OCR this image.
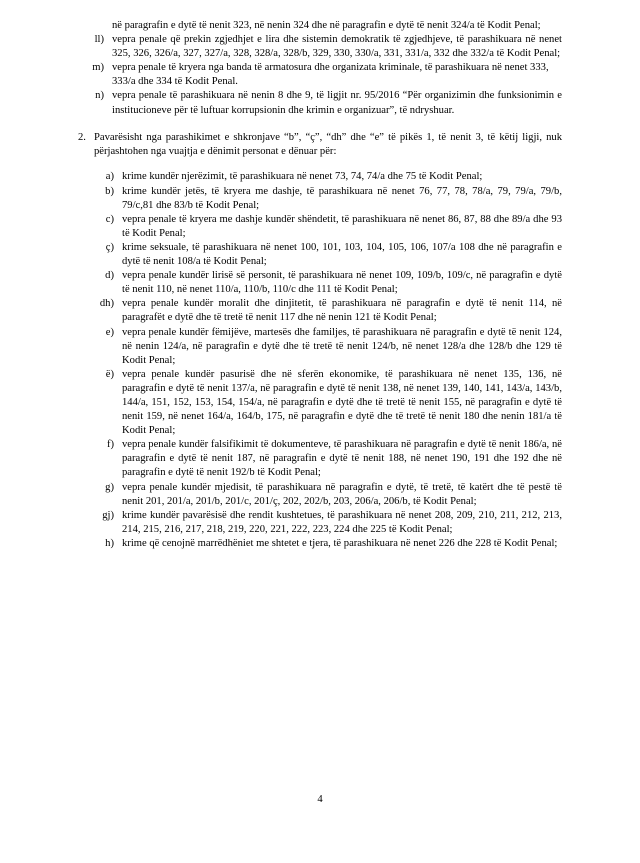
në paragrafin e dytë të nenit 323, në nenin 324 dhe në paragrafin e dytë të nenit 324/a të Kodit Penal;

ll) vepra penale që prekin zgjedhjet e lira dhe sistemin demokratik të zgjedhjeve, të parashikuara në nenet 325, 326, 326/a, 327, 327/a, 328, 328/a, 328/b, 329, 330, 330/a, 331, 331/a, 332 dhe 332/a të Kodit Penal;
m) vepra penale të kryera nga banda të armatosura dhe organizata kriminale, të parashikuara në nenet 333, 333/a dhe 334 të Kodit Penal.
n) vepra penale të parashikuara në nenin 8 dhe 9, të ligjit nr. 95/2016 “Për organizimin dhe funksionimin e institucioneve për të luftuar korrupsionin dhe krimin e organizuar”, të ndryshuar.

2. Pavarësisht nga parashikimet e shkronjave “b”, “ç”, “dh” dhe “e” të pikës 1, të nenit 3, të këtij ligji, nuk përjashtohen nga vuajtja e dënimit personat e dënuar për:

a) krime kundër njerëzimit, të parashikuara në nenet 73, 74, 74/a dhe 75 të Kodit Penal;
b) krime kundër jetës, të kryera me dashje, të parashikuara në nenet 76, 77, 78, 78/a, 79, 79/a, 79/b, 79/c,81 dhe 83/b të Kodit Penal;
c) vepra penale të kryera me dashje kundër shëndetit, të parashikuara në nenet 86, 87, 88 dhe 89/a dhe 93 të Kodit Penal;
ç) krime seksuale, të parashikuara në nenet 100, 101, 103, 104, 105, 106, 107/a 108 dhe në paragrafin e dytë të nenit 108/a të Kodit Penal;
d) vepra penale kundër lirisë së personit, të parashikuara në nenet 109, 109/b, 109/c, në paragrafin e dytë të nenit 110, në nenet 110/a, 110/b, 110/c dhe 111 të Kodit Penal;
dh) vepra penale kundër moralit dhe dinjitetit, të parashikuara në paragrafin e dytë të nenit 114, në paragrafët e dytë dhe të tretë të nenit 117 dhe në nenin 121 të Kodit Penal;
e) vepra penale kundër fëmijëve, martesës dhe familjes, të parashikuara në paragrafin e dytë të nenit 124, në nenin 124/a, në paragrafin e dytë dhe të tretë të nenit 124/b, në nenet 128/a dhe 128/b dhe 129 të Kodit Penal;
ë) vepra penale kundër pasurisë dhe në sferën ekonomike, të parashikuara në nenet 135, 136, në paragrafin e dytë të nenit 137/a, në paragrafin e dytë të nenit 138, në nenet 139, 140, 141, 143/a, 143/b, 144/a, 151, 152, 153, 154, 154/a, në paragrafin e dytë dhe të tretë të nenit 155, në paragrafin e dytë të nenit 159, në nenet 164/a, 164/b, 175, në paragrafin e dytë dhe të tretë të nenit 180 dhe nenin 181/a të Kodit Penal;
f) vepra penale kundër falsifikimit të dokumenteve, të parashikuara në paragrafin e dytë të nenit 186/a, në paragrafin e dytë të nenit 187, në paragrafin e dytë të nenit 188, në nenet 190, 191 dhe 192 dhe në paragrafin e dytë të nenit 192/b të Kodit Penal;
g) vepra penale kundër mjedisit, të parashikuara në paragrafin e dytë, të tretë, të katërt dhe të pestë të nenit 201, 201/a, 201/b, 201/c, 201/ç, 202, 202/b, 203, 206/a, 206/b, të Kodit Penal;
gj) krime kundër pavarësisë dhe rendit kushtetues, të parashikuara në nenet 208, 209, 210, 211, 212, 213, 214, 215, 216, 217, 218, 219, 220, 221, 222, 223, 224 dhe 225 të Kodit Penal;
h) krime që cenojnë marrëdhëniet me shtetet e tjera, të parashikuara në nenet 226 dhe 228 të Kodit Penal;
4
